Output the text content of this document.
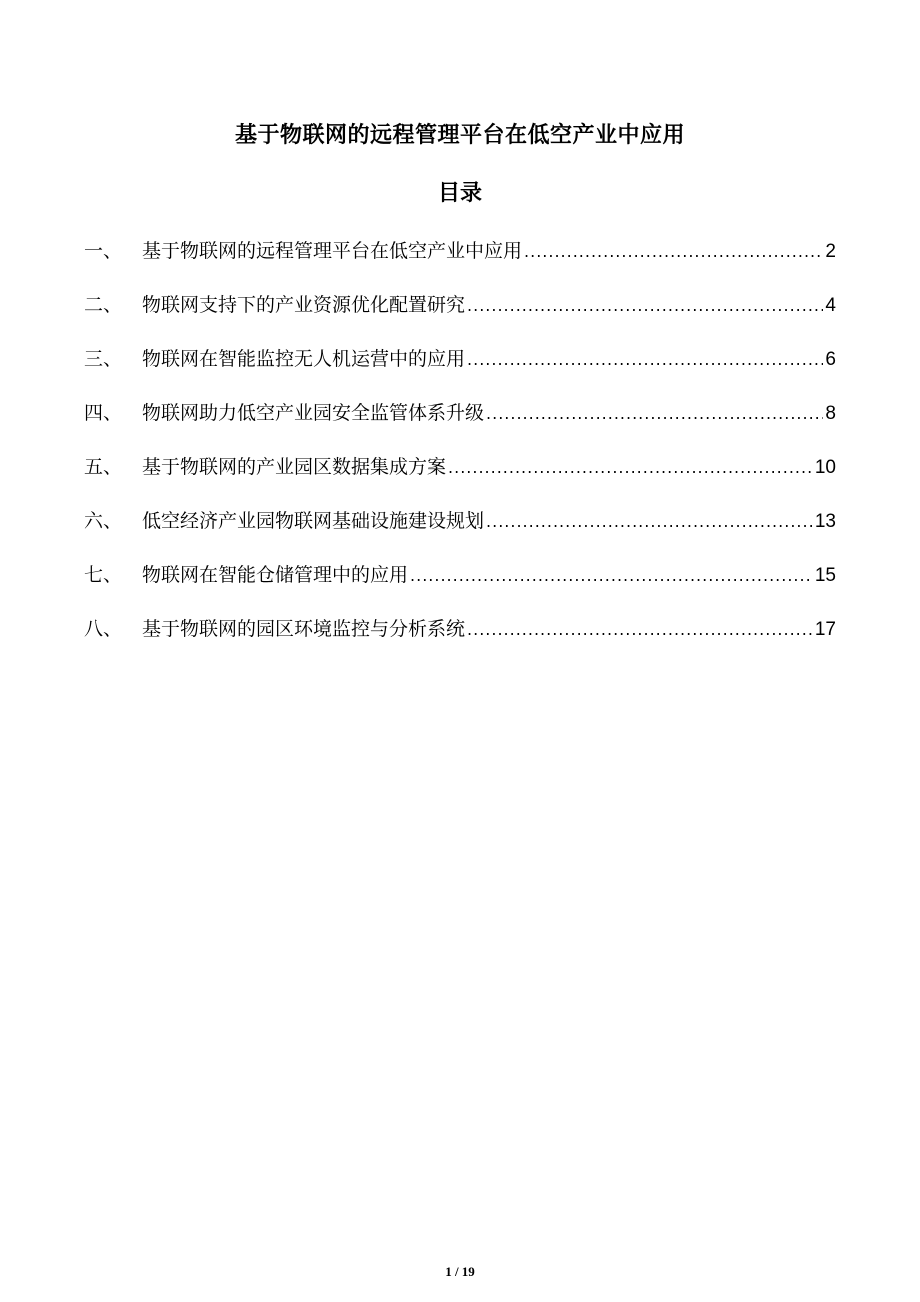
基于物联网的远程管理平台在低空产业中应用
目录
一、	基于物联网的远程管理平台在低空产业中应用 .....	2
二、	物联网支持下的产业资源优化配置研究 .....	4
三、	物联网在智能监控无人机运营中的应用 .....	6
四、	物联网助力低空产业园安全监管体系升级 .....	8
五、	基于物联网的产业园区数据集成方案 .....	10
六、	低空经济产业园物联网基础设施建设规划 .....	13
七、	物联网在智能仓储管理中的应用 .....	15
八、	基于物联网的园区环境监控与分析系统 .....	17
1 / 19
